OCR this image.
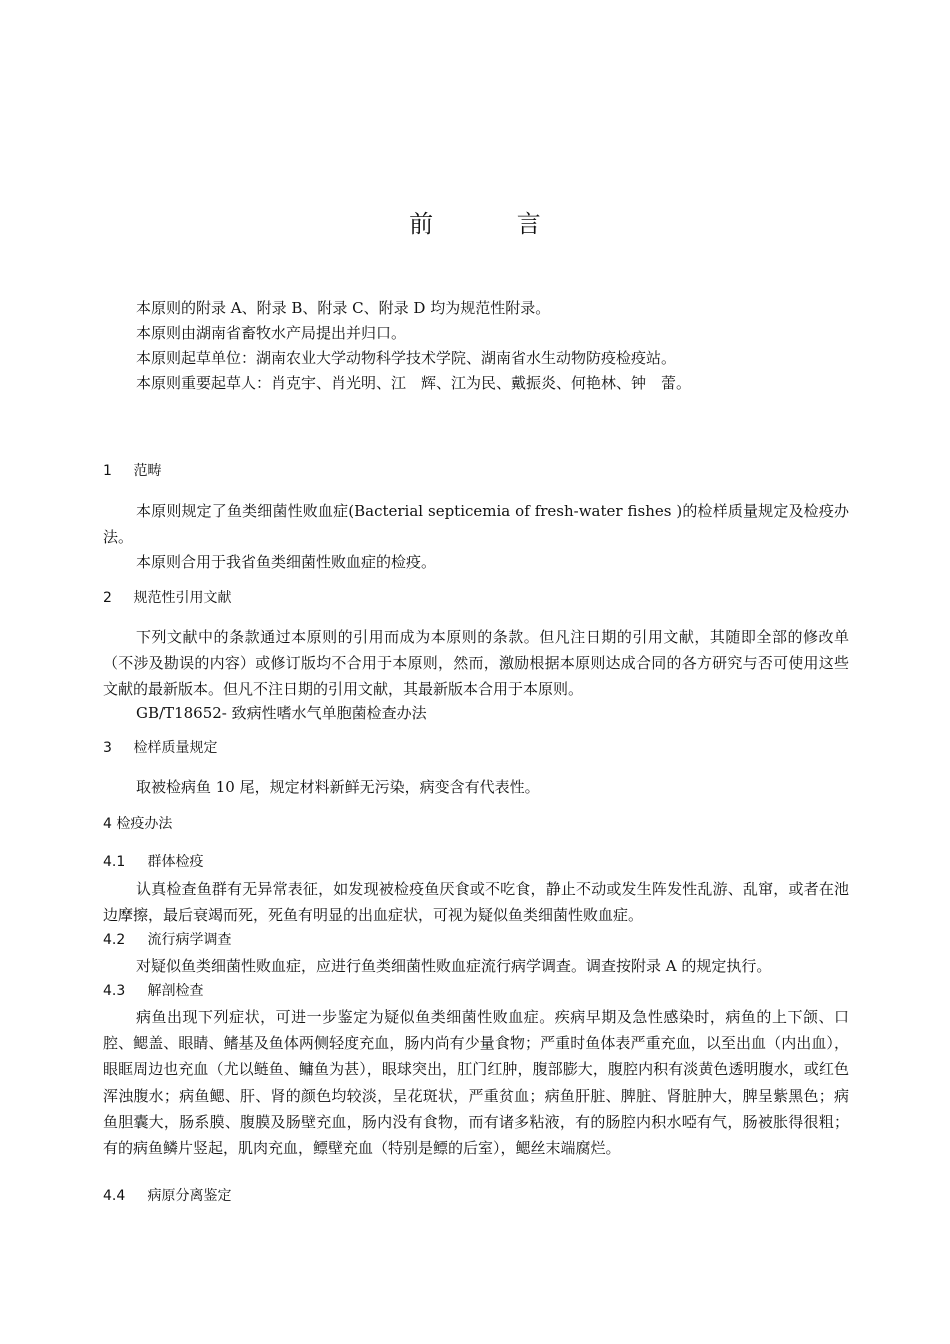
前 言

本原则的附录 A、附录 B、附录 C、附录 D 均为规范性附录。

本原则由湖南省畜牧水产局提出并归口。

本原则起草单位：湖南农业大学动物科学技术学院、湖南省水生动物防疫检疫站。

本原则重要起草人：肖克宇、肖光明、江　辉、江为民、戴振炎、何艳林、钟　蕾。

1 范畴

本原则规定了鱼类细菌性败血症(Bacterial septicemia of fresh-water fishes )的检样质量规定及检疫办法。

本原则合用于我省鱼类细菌性败血症的检疫。

2 规范性引用文献

下列文献中的条款通过本原则的引用而成为本原则的条款。但凡注日期的引用文献，其随即全部的修改单（不涉及勘误的内容）或修订版均不合用于本原则，然而，激励根据本原则达成合同的各方研究与否可使用这些文献的最新版本。但凡不注日期的引用文献，其最新版本合用于本原则。

GB/T18652- 致病性嗜水气单胞菌检查办法

3 检样质量规定

取被检病鱼 10 尾，规定材料新鲜无污染，病变含有代表性。

4 检疫办法
4.1 群体检疫

认真检查鱼群有无异常表征，如发现被检疫鱼厌食或不吃食，静止不动或发生阵发性乱游、乱窜，或者在池边摩擦，最后衰竭而死，死鱼有明显的出血症状，可视为疑似鱼类细菌性败血症。

4.2 流行病学调查

对疑似鱼类细菌性败血症，应进行鱼类细菌性败血症流行病学调查。调查按附录 A 的规定执行。

4.3 解剖检查

病鱼出现下列症状，可进一步鉴定为疑似鱼类细菌性败血症。疾病早期及急性感染时，病鱼的上下颌、口腔、鳃盖、眼睛、鳍基及鱼体两侧轻度充血，肠内尚有少量食物；严重时鱼体表严重充血，以至出血（内出血），眼眶周边也充血（尤以鲢鱼、鳙鱼为甚），眼球突出，肛门红肿，腹部膨大，腹腔内积有淡黄色透明腹水，或红色浑浊腹水；病鱼鳃、肝、肾的颜色均较淡，呈花斑状，严重贫血；病鱼肝脏、脾脏、肾脏肿大，脾呈紫黑色；病鱼胆囊大，肠系膜、腹膜及肠壁充血，肠内没有食物，而有诸多粘液，有的肠腔内积水啞有气，肠被胀得很粗；有的病鱼鳞片竖起，肌肉充血，鳔壁充血（特别是鳔的后室），鳃丝末端腐烂。

4.4 病原分离鉴定
